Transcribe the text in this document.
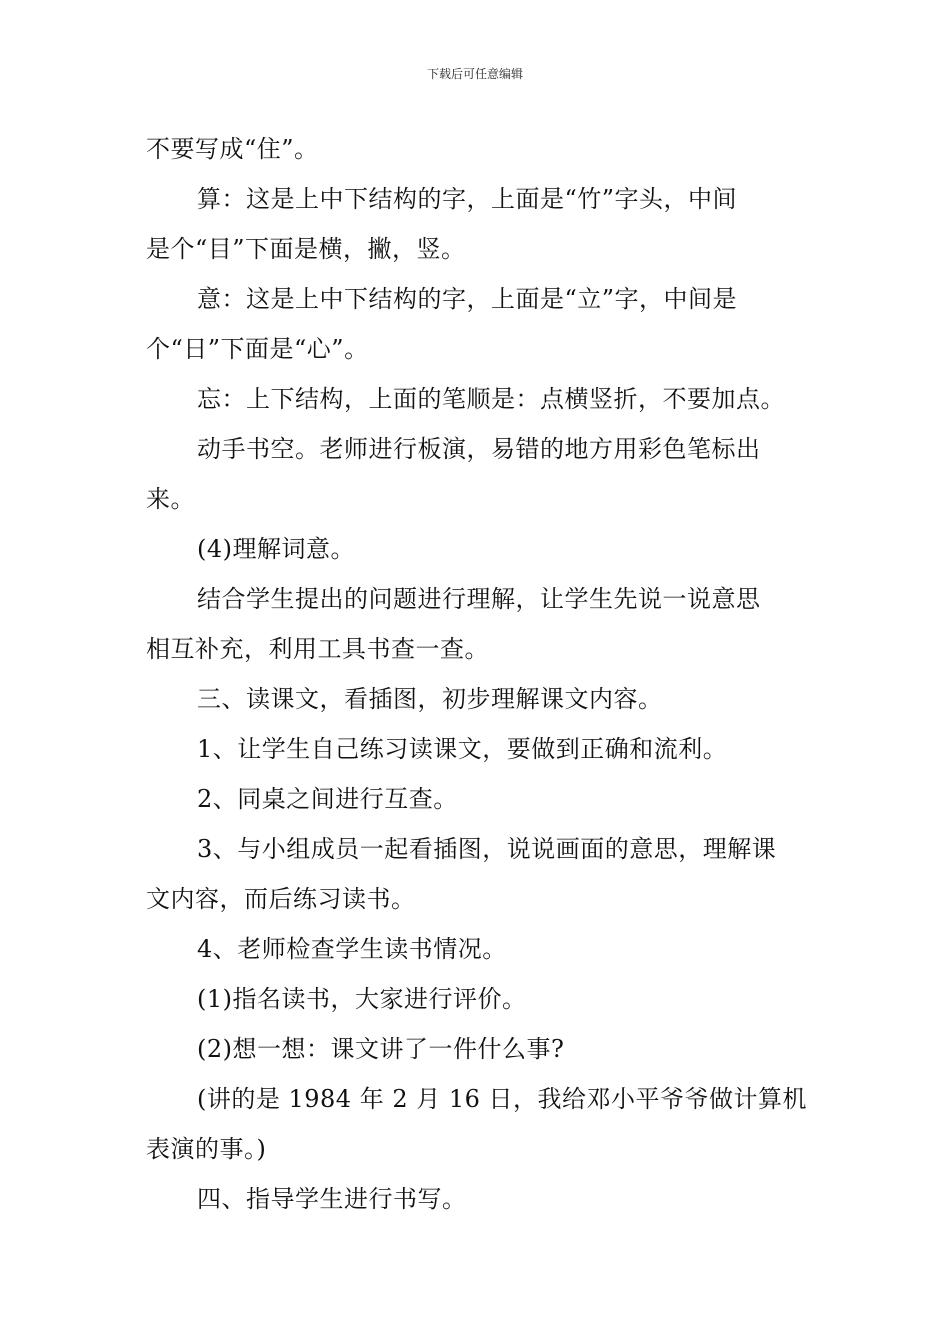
下载后可任意编辑

不要写成“住”。

算：这是上中下结构的字，上面是“竹”字头，中间
是个“目”下面是横，撇，竖。

意：这是上中下结构的字，上面是“立”字，中间是
个“日”下面是“心”。

忘：上下结构，上面的笔顺是：点横竖折，不要加点。

动手书空。老师进行板演，易错的地方用彩色笔标出
来。

(4)理解词意。

结合学生提出的问题进行理解，让学生先说一说意思
相互补充，利用工具书查一查。

三、读课文，看插图，初步理解课文内容。

1、让学生自己练习读课文，要做到正确和流利。

2、同桌之间进行互查。

3、与小组成员一起看插图，说说画面的意思，理解课
文内容，而后练习读书。

4、老师检查学生读书情况。

(1)指名读书，大家进行评价。

(2)想一想：课文讲了一件什么事?

(讲的是 1984 年 2 月 16 日，我给邓小平爷爷做计算机
表演的事。)

四、指导学生进行书写。
